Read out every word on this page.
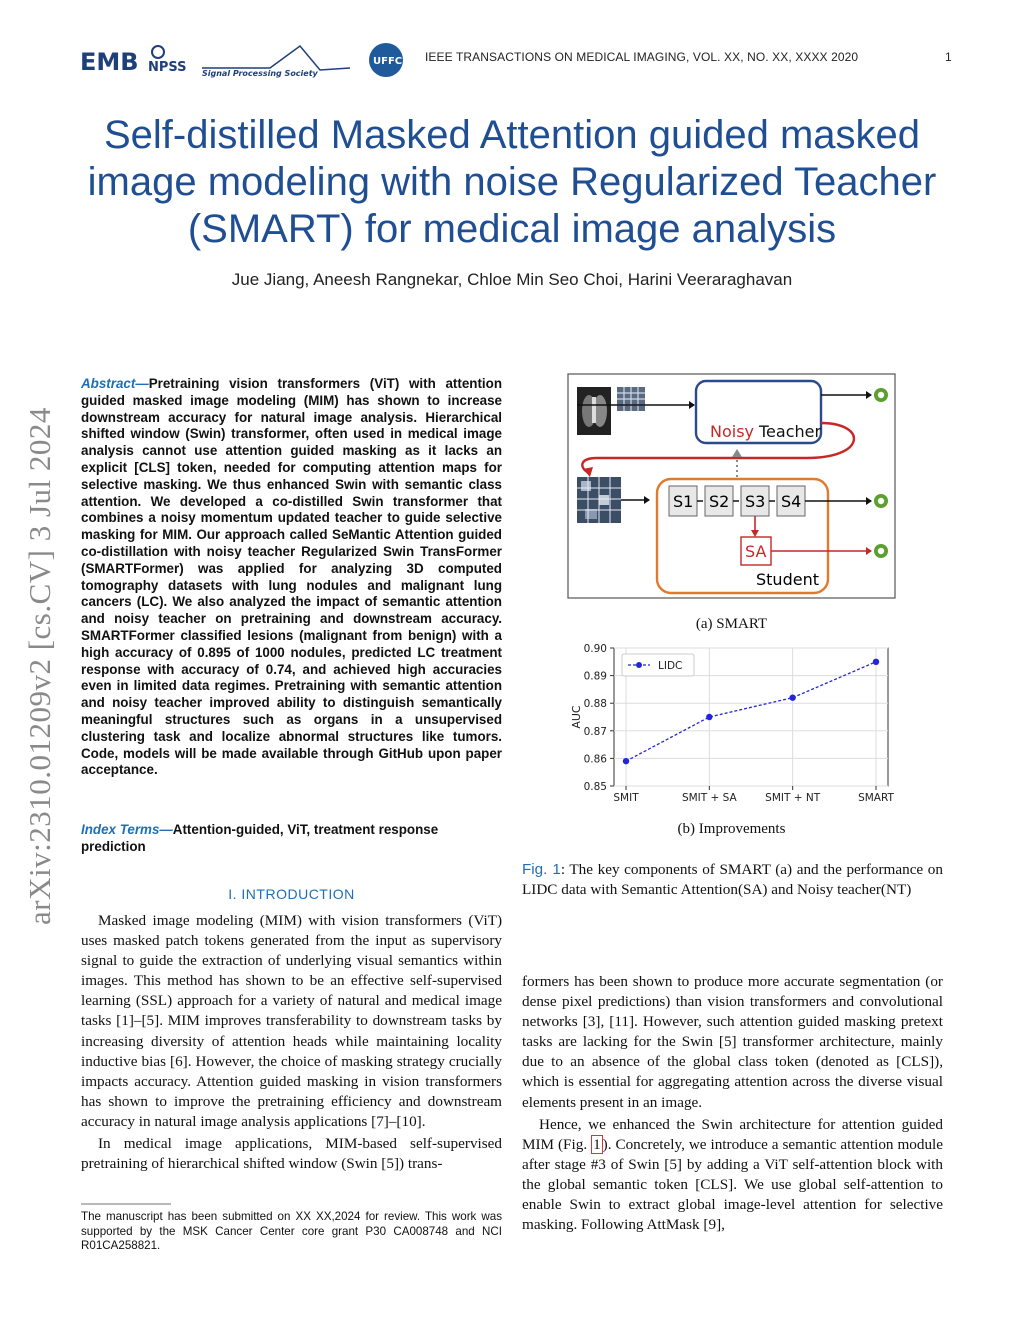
EMB NPSS Signal Processing Society
UFFC IEEE TRANSACTIONS ON MEDICAL IMAGING, VOL. XX, NO. XX, XXXX 2020	1
Self-distilled Masked Attention guided masked
image modeling with noise Regularized Teacher
(SMART) for medical image analysis
Jue Jiang, Aneesh Rangnekar, Chloe Min Seo Choi, Harini Veeraraghavan
arXiv:2310.01209v2 [cs.CV] 3 Jul 2024
Abstract—Pretraining vision transformers (ViT) with attention guided masked image modeling (MIM) has shown to increase downstream accuracy for natural image analysis. Hierarchical shifted window (Swin) transformer, often used in medical image analysis cannot use attention guided masking as it lacks an explicit [CLS] token, needed for computing attention maps for selective masking. We thus enhanced Swin with semantic class attention. We developed a co-distilled Swin transformer that combines a noisy momentum updated teacher to guide selective masking for MIM. Our approach called SeMantic Attention guided co-distillation with noisy teacher Regularized Swin TransFormer (SMARTFormer) was applied for analyzing 3D computed tomography datasets with lung nodules and malignant lung cancers (LC). We also analyzed the impact of semantic attention and noisy teacher on pretraining and downstream accuracy. SMARTFormer classified lesions (malignant from benign) with a high accuracy of 0.895 of 1000 nodules, predicted LC treatment response with accuracy of 0.74, and achieved high accuracies even in limited data regimes. Pretraining with semantic attention and noisy teacher improved ability to distinguish semantically meaningful structures such as organs in a unsupervised clustering task and localize abnormal structures like tumors. Code, models will be made available through GitHub upon paper acceptance.
Index Terms—Attention-guided, ViT, treatment response prediction
I. INTRODUCTION

Masked image modeling (MIM) with vision transformers (ViT) uses masked patch tokens generated from the input as supervisory signal to guide the extraction of underlying visual semantics within images. This method has shown to be an effective self-supervised learning (SSL) approach for a variety of natural and medical image tasks [1]–[5]. MIM improves transferability to downstream tasks by increasing diversity of attention heads while maintaining locality inductive bias [6]. However, the choice of masking strategy crucially impacts accuracy. Attention guided masking in vision transformers has shown to improve the pretraining efficiency and downstream accuracy in natural image analysis applications [7]–[10].

In medical image applications, MIM-based self-supervised pretraining of hierarchical shifted window (Swin [5]) trans-

The manuscript has been submitted on XX XX,2024 for review. This work was supported by the MSK Cancer Center core grant P30 CA008748 and NCI R01CA258821.
Noisy Teacher
S1 S2 S3 S4
SA
Student
(a) SMART
0.85
0.86
0.87
0.88
0.89
0.90
SMIT	SMIT + SA	SMIT + NT	SMART
AUC
LIDC
(b) Improvements
Fig. 1: The key components of SMART (a) and the performance on LIDC data with Semantic Attention(SA) and Noisy teacher(NT)

formers has been shown to produce more accurate segmentation (or dense pixel predictions) than vision transformers and convolutional networks [3], [11]. However, such attention guided masking pretext tasks are lacking for the Swin [5] transformer architecture, mainly due to an absence of the global class token (denoted as [CLS]), which is essential for aggregating attention across the diverse visual elements present in an image.

Hence, we enhanced the Swin architecture for attention guided MIM (Fig. 1 ). Concretely, we introduce a semantic attention module after stage #3 of Swin [5] by adding a ViT self-attention block with the global semantic token [CLS]. We use global self-attention to enable Swin to extract global image-level attention for selective masking. Following AttMask [9],
